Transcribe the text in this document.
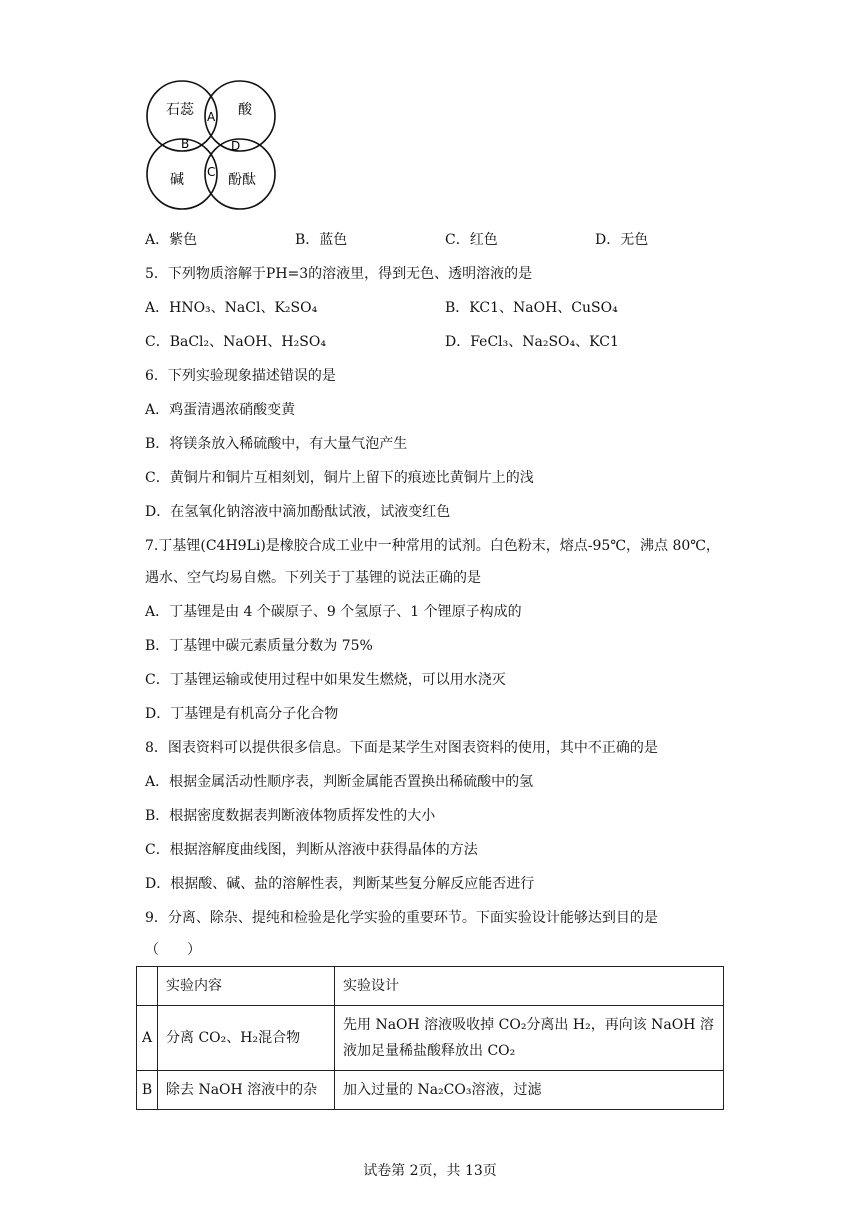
石蕊	酸
碱	酚酞
A
B
C
D
A．紫色	B．蓝色	C．红色	D．无色
5．下列物质溶解于PH=3的溶液里，得到无色、透明溶液的是
A．HNO₃、NaCl、K₂SO₄	B．KC1、NaOH、CuSO₄
C．BaCl₂、NaOH、H₂SO₄	D．FeCl₃、Na₂SO₄、KC1
6．下列实验现象描述错误的是
A．鸡蛋清遇浓硝酸变黄
B．将镁条放入稀硫酸中，有大量气泡产生
C．黄铜片和铜片互相刻划，铜片上留下的痕迹比黄铜片上的浅
D．在氢氧化钠溶液中滴加酚酞试液，试液变红色
7.丁基锂(C4H9Li)是橡胶合成工业中一种常用的试剂。白色粉末，熔点-95℃，沸点 80℃，
遇水、空气均易自燃。下列关于丁基锂的说法正确的是
A．丁基锂是由 4 个碳原子、9 个氢原子、1 个锂原子构成的
B．丁基锂中碳元素质量分数为 75%
C．丁基锂运输或使用过程中如果发生燃烧，可以用水浇灭
D．丁基锂是有机高分子化合物
8．图表资料可以提供很多信息。下面是某学生对图表资料的使用，其中不正确的是
A．根据金属活动性顺序表，判断金属能否置换出稀硫酸中的氢
B．根据密度数据表判断液体物质挥发性的大小
C．根据溶解度曲线图，判断从溶液中获得晶体的方法
D．根据酸、碱、盐的溶解性表，判断某些复分解反应能否进行
9．分离、除杂、提纯和检验是化学实验的重要环节。下面实验设计能够达到目的是
（　　）
	实验内容	实验设计
A	分离 CO₂、H₂混合物	先用 NaOH 溶液吸收掉 CO₂分离出 H₂，再向该 NaOH 溶液加足量稀盐酸释放出 CO₂
B	除去 NaOH 溶液中的杂	加入过量的 Na₂CO₃溶液，过滤
试卷第 2页，共 13页
